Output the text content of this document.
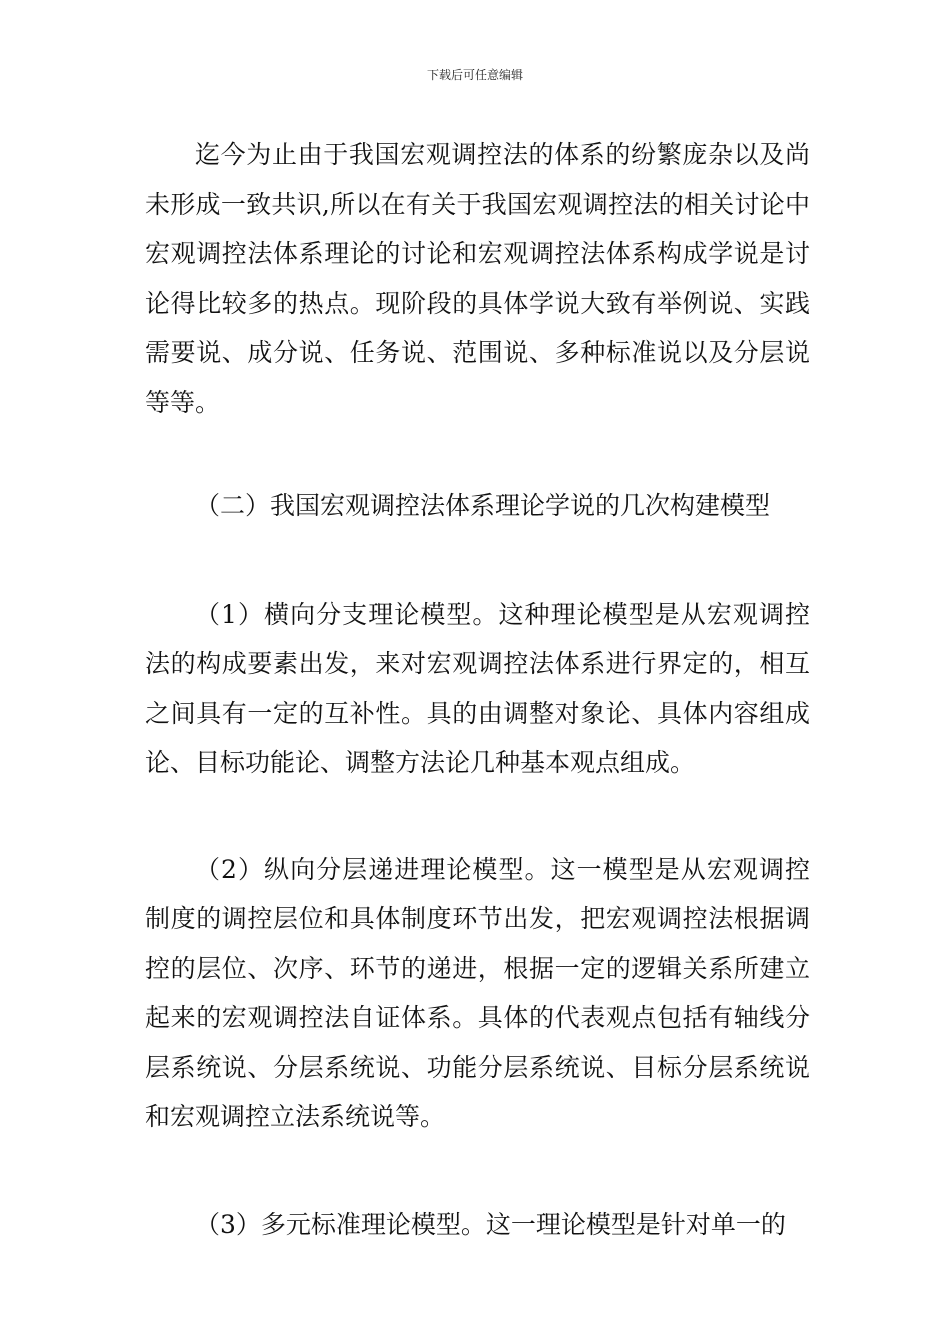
下载后可任意编辑

迄今为止由于我国宏观调控法的体系的纷繁庞杂以及尚未形成一致共识,所以在有关于我国宏观调控法的相关讨论中宏观调控法体系理论的讨论和宏观调控法体系构成学说是讨论得比较多的热点。现阶段的具体学说大致有举例说、实践需要说、成分说、任务说、范围说、多种标准说以及分层说等等。

（二）我国宏观调控法体系理论学说的几次构建模型

（1）横向分支理论模型。这种理论模型是从宏观调控法的构成要素出发，来对宏观调控法体系进行界定的，相互之间具有一定的互补性。具的由调整对象论、具体内容组成论、目标功能论、调整方法论几种基本观点组成。

（2）纵向分层递进理论模型。这一模型是从宏观调控制度的调控层位和具体制度环节出发，把宏观调控法根据调控的层位、次序、环节的递进，根据一定的逻辑关系所建立起来的宏观调控法自证体系。具体的代表观点包括有轴线分层系统说、分层系统说、功能分层系统说、目标分层系统说和宏观调控立法系统说等。

（3）多元标准理论模型。这一理论模型是针对单一的
